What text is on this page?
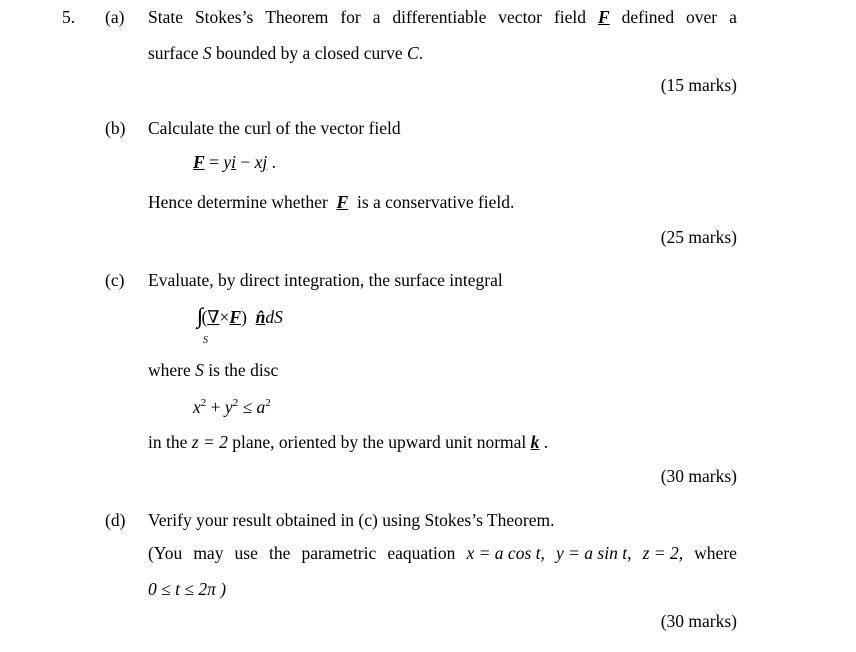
5. (a) State Stokes’s Theorem for a differentiable vector field F defined over a
surface S bounded by a closed curve C.
(15 marks)
(b) Calculate the curl of the vector field
F = yi − xj .
Hence determine whether F is a conservative field.
(25 marks)
(c) Evaluate, by direct integration, the surface integral
∫∫ (∇×F) n̂dS
S
where S is the disc
$x^2 + y^2 \le a^2$
in the z = 2 plane, oriented by the upward unit normal k .
(30 marks)
(d) Verify your result obtained in (c) using Stokes’s Theorem.
(You may use the parametric eaquation x = a cos t, y = a sin t, z = 2, where
0 ≤ t ≤ 2π )
(30 marks)
